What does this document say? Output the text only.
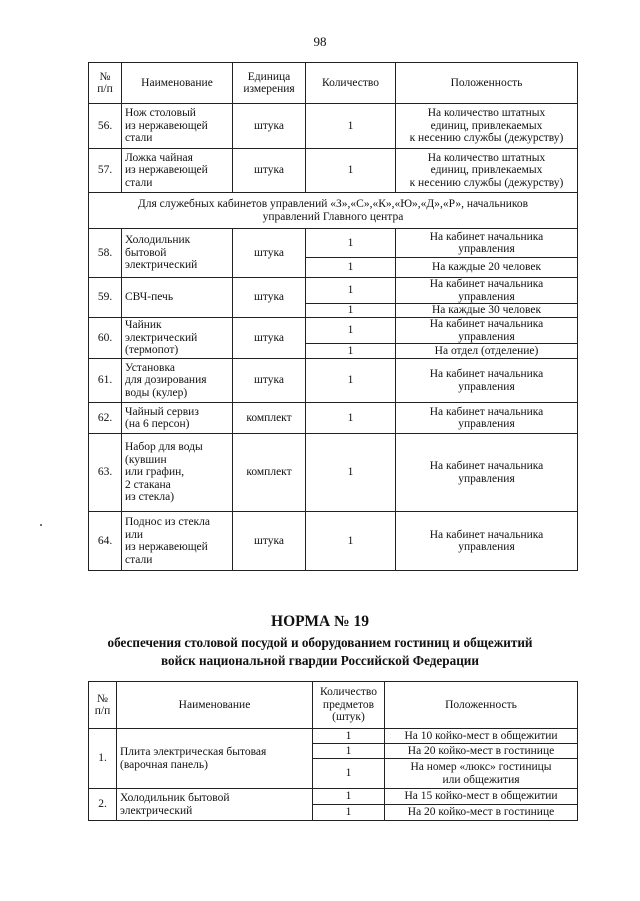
98
№
п/п	Наименование	Единица
измерения	Количество	Положенность
56.	Нож столовый
из нержавеющей
стали	штука	1	На количество штатных
единиц, привлекаемых
к несению службы (дежурству)
57.	Ложка чайная
из нержавеющей
стали	штука	1	На количество штатных
единиц, привлекаемых
к несению службы (дежурству)
Для служебных кабинетов управлений «З»,«С»,«К»,«Ю»,«Д»,«Р», начальников
управлений Главного центра				
58.	Холодильник
бытовой
электрический	штука	1	На кабинет начальника
управления
			1	На каждые 20 человек
59.	СВЧ-печь	штука	1	На кабинет начальника
управления
			1	На каждые 30 человек
60.	Чайник
электрический
(термопот)	штука	1	На кабинет начальника
управления
			1	На отдел (отделение)
61.	Установка
для дозирования
воды (кулер)	штука	1	На кабинет начальника
управления
62.	Чайный сервиз
(на 6 персон)	комплект	1	На кабинет начальника
управления
63.	Набор для воды
(кувшин
или графин,
2 стакана
из стекла)	комплект	1	На кабинет начальника
управления
64.	Поднос из стекла
или
из нержавеющей
стали	штука	1	На кабинет начальника
управления
НОРМА № 19
обеспечения столовой посудой и оборудованием гостиниц и общежитий
войск национальной гвардии Российской Федерации
№
п/п	Наименование	Количество
предметов
(штук)	Положенность
1.	Плита электрическая бытовая
(варочная панель)	1	На 10 койко-мест в общежитии
		1	На 20 койко-мест в гостинице
		1	На номер «люкс» гостиницы
или общежития
2.	Холодильник бытовой
электрический	1	На 15 койко-мест в общежитии
		1	На 20 койко-мест в гостинице
